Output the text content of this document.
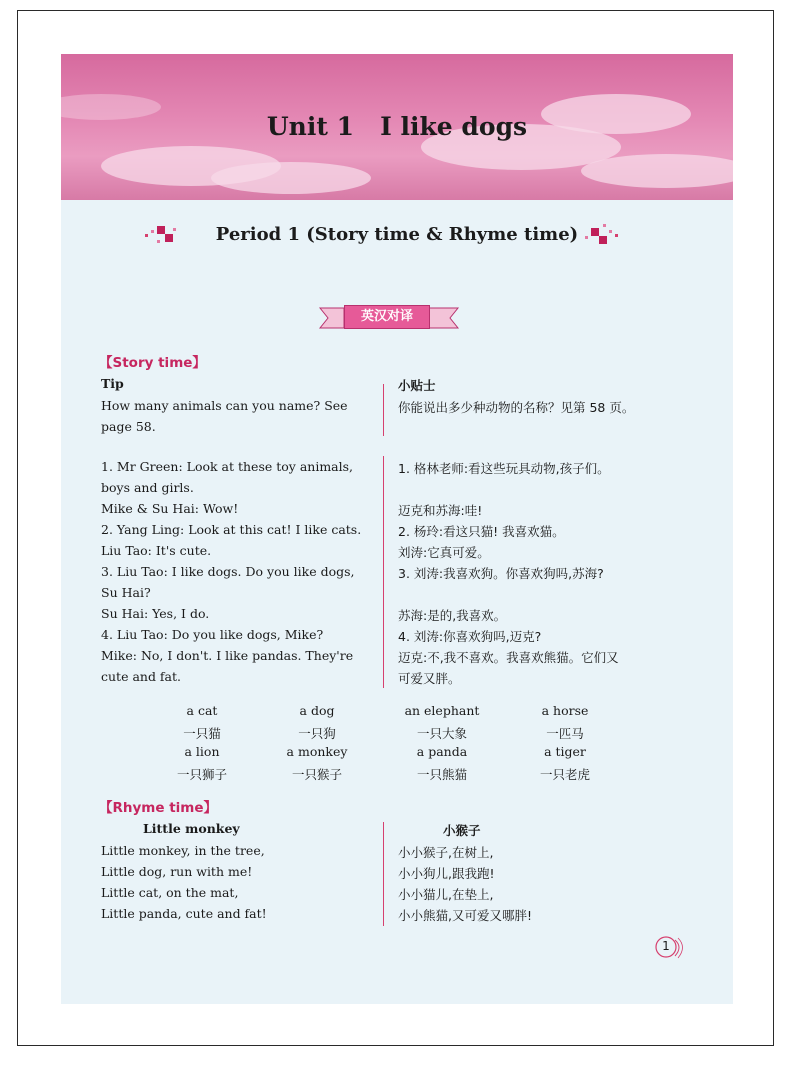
Unit 1   I like dogs
Period 1 (Story time & Rhyme time)
英汉对译
【Story time】
Tip
How many animals can you name? See
page 58.
小贴士
你能说出多少种动物的名称？见第 58 页。
1. Mr Green: Look at these toy animals,
boys and girls.
Mike & Su Hai: Wow!
2. Yang Ling: Look at this cat! I like cats.
Liu Tao: It's cute.
3. Liu Tao: I like dogs. Do you like dogs,
Su Hai?
Su Hai: Yes, I do.
4. Liu Tao: Do you like dogs, Mike?
Mike: No, I don't. I like pandas. They're
cute and fat.
1. 格林老师:看这些玩具动物,孩子们。
迈克和苏海:哇!
2. 杨玲:看这只猫! 我喜欢猫。
刘涛:它真可爱。
3. 刘涛:我喜欢狗。你喜欢狗吗,苏海?
苏海:是的,我喜欢。
4. 刘涛:你喜欢狗吗,迈克?
迈克:不,我不喜欢。我喜欢熊猫。它们又
可爱又胖。
a cat
一只猫
a dog
一只狗
an elephant
一只大象
a horse
一匹马
a lion
一只狮子
a monkey
一只猴子
a panda
一只熊猫
a tiger
一只老虎
【Rhyme time】
Little monkey
Little monkey, in the tree,
Little dog, run with me!
Little cat, on the mat,
Little panda, cute and fat!
小猴子
小小猴子,在树上,
小小狗儿,跟我跑!
小小猫儿,在垫上,
小小熊猫,又可爱又哪胖!
1
